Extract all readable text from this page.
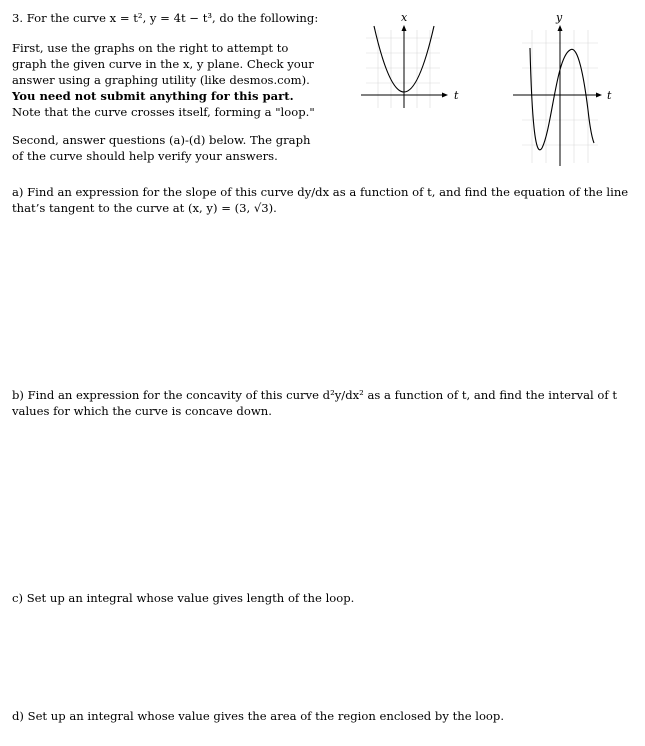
3. For the curve x = t², y = 4t − t³, do the following:
First, use the graphs on the right to attempt to
graph the given curve in the x, y plane. Check your
answer using a graphing utility (like desmos.com).
You need not submit anything for this part.
Note that the curve crosses itself, forming a "loop."
Second, answer questions (a)-(d) below. The graph
of the curve should help verify your answers.
x
t
y
t
a) Find an expression for the slope of this curve dy/dx as a function of t, and find the equation of the line that’s tangent to the curve at (x, y) = (3, √3).
b) Find an expression for the concavity of this curve d²y/dx² as a function of t, and find the interval of t values for which the curve is concave down.
c) Set up an integral whose value gives length of the loop.
d) Set up an integral whose value gives the area of the region enclosed by the loop.
